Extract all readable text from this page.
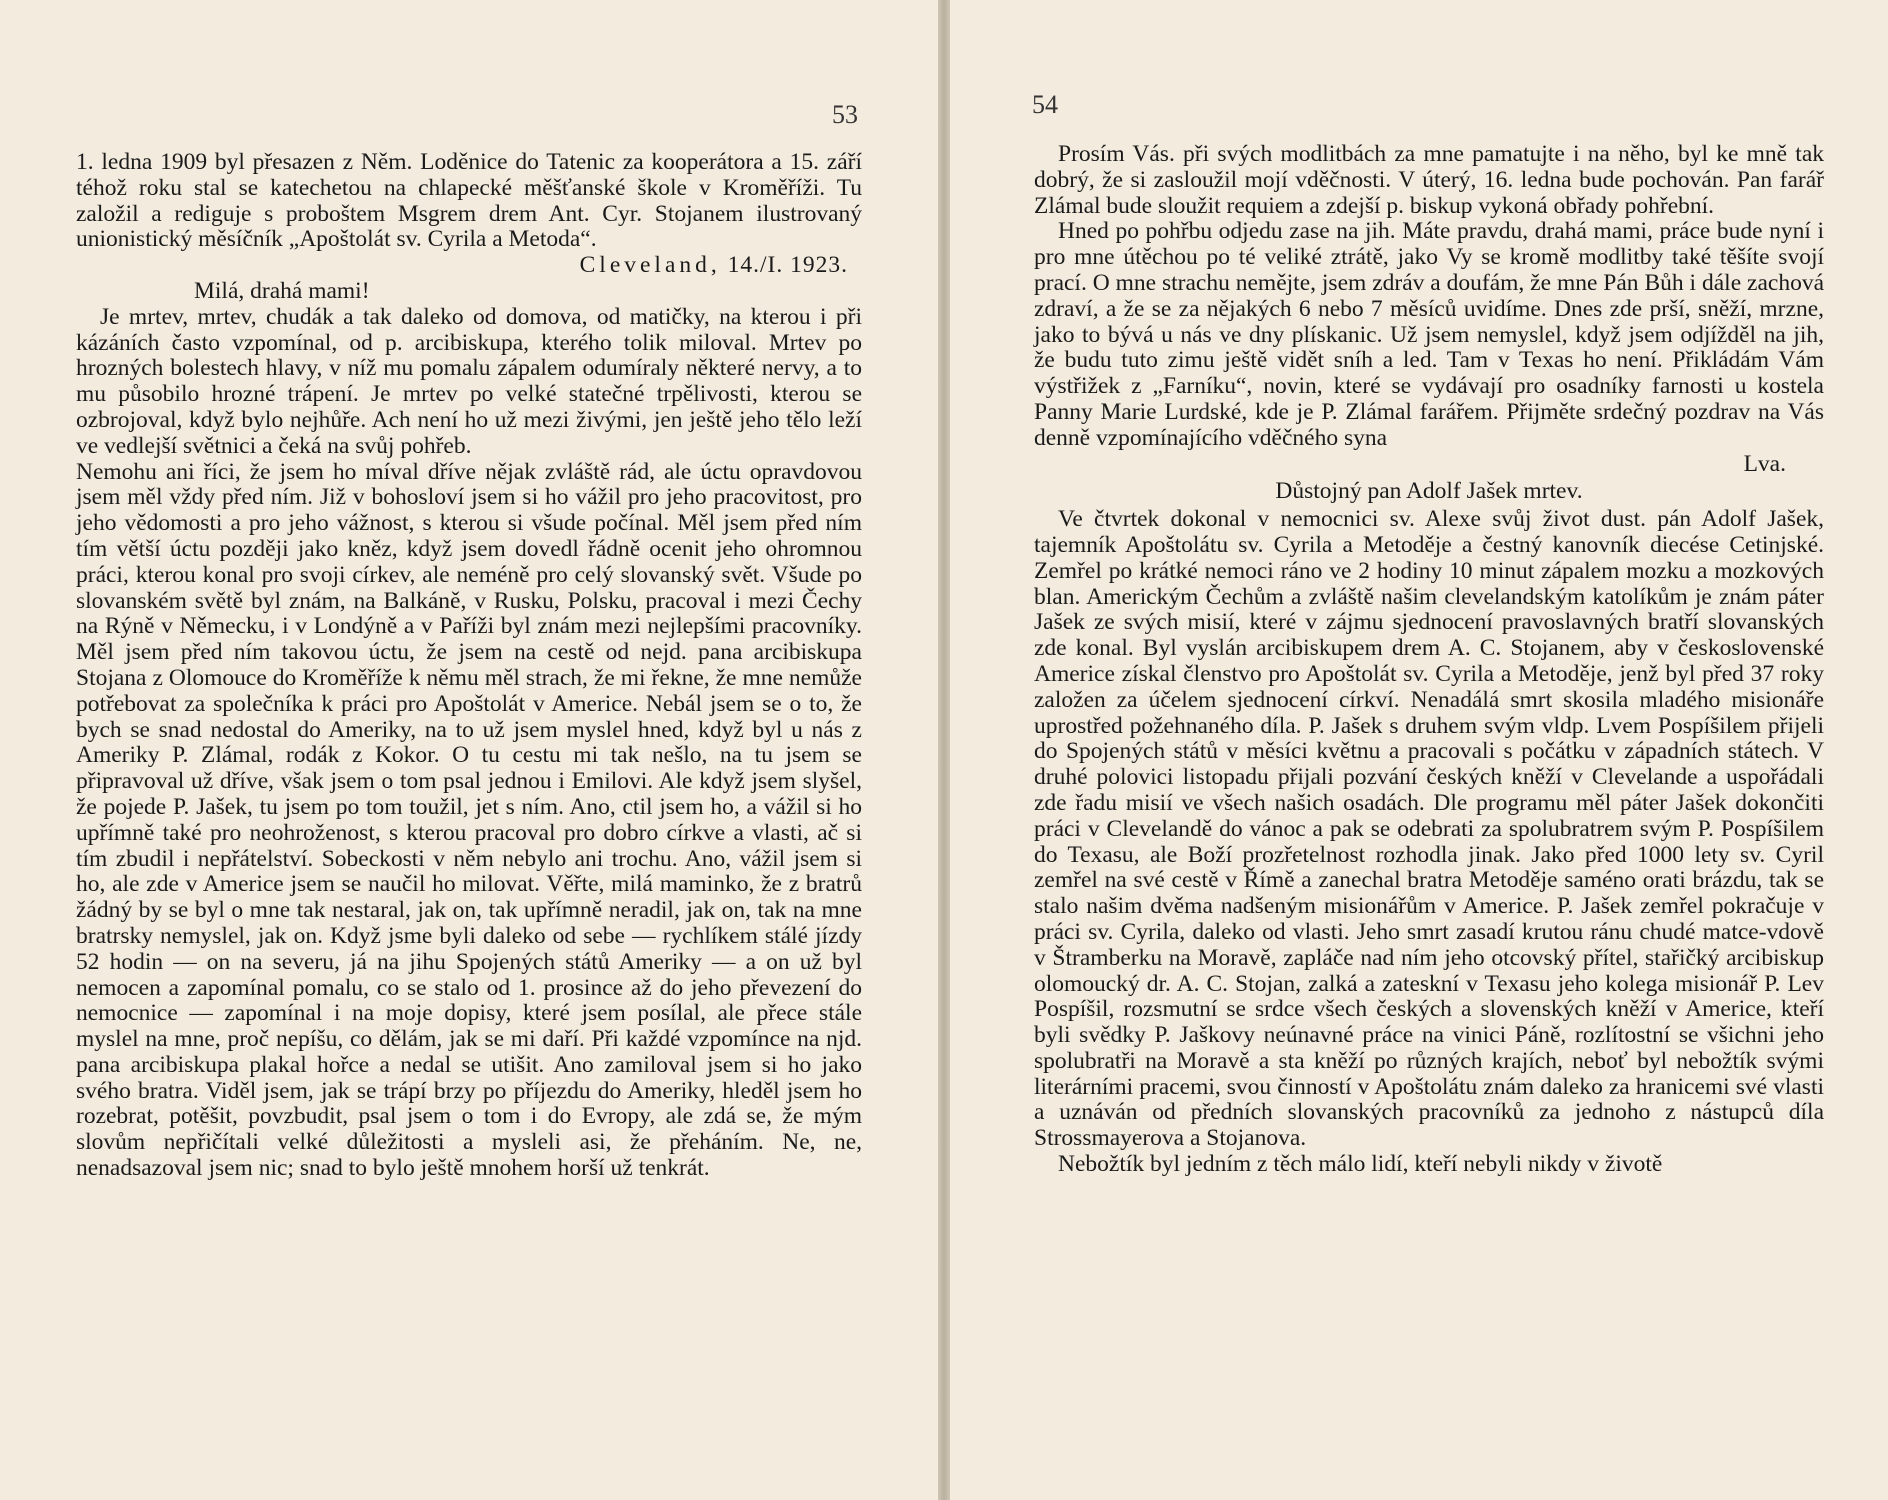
53

1. ledna 1909 byl přesazen z Něm. Loděnice do Tatenic za kooperátora a 15. září téhož roku stal se katechetou na chlapecké měšťanské škole v Kroměříži. Tu založil a rediguje s proboštem Msgrem drem Ant. Cyr. Stojanem ilustrovaný unionistický měsíčník „Apoštolát sv. Cyrila a Metoda“.

Cleveland, 14./I. 1923.

Milá, drahá mami!

Je mrtev, mrtev, chudák a tak daleko od domova, od matičky, na kterou i při kázáních často vzpomínal, od p. arcibiskupa, kterého tolik miloval. Mrtev po hrozných bolestech hlavy, v níž mu pomalu zápalem odumíraly některé nervy, a to mu působilo hrozné trápení. Je mrtev po velké statečné trpělivosti, kterou se ozbrojoval, když bylo nejhůře. Ach není ho už mezi živými, jen ještě jeho tělo leží ve vedlejší světnici a čeká na svůj pohřeb.

Nemohu ani říci, že jsem ho míval dříve nějak zvláště rád, ale úctu opravdovou jsem měl vždy před ním. Již v bohosloví jsem si ho vážil pro jeho pracovitost, pro jeho vědomosti a pro jeho vážnost, s kterou si všude počínal. Měl jsem před ním tím větší úctu později jako kněz, když jsem dovedl řádně ocenit jeho ohromnou práci, kterou konal pro svoji církev, ale neméně pro celý slovanský svět. Všude po slovanském světě byl znám, na Balkáně, v Rusku, Polsku, pracoval i mezi Čechy na Rýně v Německu, i v Londýně a v Paříži byl znám mezi nejlepšími pracovníky. Měl jsem před ním takovou úctu, že jsem na cestě od nejd. pana arcibiskupa Stojana z Olomouce do Kroměříže k němu měl strach, že mi řekne, že mne nemůže potřebovat za společníka k práci pro Apoštolát v Americe. Nebál jsem se o to, že bych se snad nedostal do Ameriky, na to už jsem myslel hned, když byl u nás z Ameriky P. Zlámal, rodák z Kokor. O tu cestu mi tak nešlo, na tu jsem se připravoval už dříve, však jsem o tom psal jednou i Emilovi. Ale když jsem slyšel, že pojede P. Jašek, tu jsem po tom toužil, jet s ním. Ano, ctil jsem ho, a vážil si ho upřímně také pro neohroženost, s kterou pracoval pro dobro církve a vlasti, ač si tím zbudil i nepřátelství. Sobeckosti v něm nebylo ani trochu. Ano, vážil jsem si ho, ale zde v Americe jsem se naučil ho milovat. Věřte, milá maminko, že z bratrů žádný by se byl o mne tak nestaral, jak on, tak upřímně neradil, jak on, tak na mne bratrsky nemyslel, jak on. Když jsme byli daleko od sebe — rychlíkem stálé jízdy 52 hodin — on na severu, já na jihu Spojených států Ameriky — a on už byl nemocen a zapomínal pomalu, co se stalo od 1. prosince až do jeho převezení do nemocnice — zapomínal i na moje dopisy, které jsem posílal, ale přece stále myslel na mne, proč nepíšu, co dělám, jak se mi daří. Při každé vzpomínce na njd. pana arcibiskupa plakal hořce a nedal se utišit. Ano zamiloval jsem si ho jako svého bratra. Viděl jsem, jak se trápí brzy po příjezdu do Ameriky, hleděl jsem ho rozebrat, potěšit, povzbudit, psal jsem o tom i do Evropy, ale zdá se, že mým slovům nepřičítali velké důležitosti a mysleli asi, že přeháním. Ne, ne, nenadsazoval jsem nic; snad to bylo ještě mnohem horší už tenkrát.

54

Prosím Vás. při svých modlitbách za mne pamatujte i na něho, byl ke mně tak dobrý, že si zasloužil mojí vděčnosti. V úterý, 16. ledna bude pochován. Pan farář Zlámal bude sloužit requiem a zdejší p. biskup vykoná obřady pohřební.

Hned po pohřbu odjedu zase na jih. Máte pravdu, drahá mami, práce bude nyní i pro mne útěchou po té veliké ztrátě, jako Vy se kromě modlitby také těšíte svojí prací. O mne strachu nemějte, jsem zdráv a doufám, že mne Pán Bůh i dále zachová zdraví, a že se za nějakých 6 nebo 7 měsíců uvidíme. Dnes zde prší, sněží, mrzne, jako to bývá u nás ve dny plískanic. Už jsem nemyslel, když jsem odjížděl na jih, že budu tuto zimu ještě vidět sníh a led. Tam v Texas ho není. Přikládám Vám výstřižek z „Farníku“, novin, které se vydávají pro osadníky farnosti u kostela Panny Marie Lurdské, kde je P. Zlámal farářem. Přijměte srdečný pozdrav na Vás denně vzpomínajícího vděčného syna

Lva.

Důstojný pan Adolf Jašek mrtev.

Ve čtvrtek dokonal v nemocnici sv. Alexe svůj život dust. pán Adolf Jašek, tajemník Apoštolátu sv. Cyrila a Metoděje a čestný kanovník diecése Cetinjské. Zemřel po krátké nemoci ráno ve 2 hodiny 10 minut zápalem mozku a mozkových blan. Americkým Čechům a zvláště našim clevelandským katolíkům je znám páter Jašek ze svých misií, které v zájmu sjednocení pravoslavných bratří slovanských zde konal. Byl vyslán arcibiskupem drem A. C. Stojanem, aby v československé Americe získal členstvo pro Apoštolát sv. Cyrila a Metoděje, jenž byl před 37 roky založen za účelem sjednocení církví. Nenadálá smrt skosila mladého misionáře uprostřed požehnaného díla. P. Jašek s druhem svým vldp. Lvem Pospíšilem přijeli do Spojených států v měsíci květnu a pracovali s počátku v západních státech. V druhé polovici listopadu přijali pozvání českých kněží v Clevelande a uspořádali zde řadu misií ve všech našich osadách. Dle programu měl páter Jašek dokončiti práci v Clevelandě do vánoc a pak se odebrati za spolubratrem svým P. Pospíšilem do Texasu, ale Boží prozřetelnost rozhodla jinak. Jako před 1000 lety sv. Cyril zemřel na své cestě v Římě a zanechal bratra Metoděje saméno orati brázdu, tak se stalo našim dvěma nadšeným misionářům v Americe. P. Jašek zemřel pokračuje v práci sv. Cyrila, daleko od vlasti. Jeho smrt zasadí krutou ránu chudé matce-vdově v Štramberku na Moravě, zapláče nad ním jeho otcovský přítel, stařičký arcibiskup olomoucký dr. A. C. Stojan, zalká a zateskní v Texasu jeho kolega misionář P. Lev Pospíšil, rozsmutní se srdce všech českých a slovenských kněží v Americe, kteří byli svědky P. Jaškovy neúnavné práce na vinici Páně, rozlítostní se všichni jeho spolubratři na Moravě a sta kněží po různých krajích, neboť byl nebožtík svými literárními pracemi, svou činností v Apoštolátu znám daleko za hranicemi své vlasti a uznáván od předních slovanských pracovníků za jednoho z nástupců díla Strossmayerova a Stojanova.

Nebožtík byl jedním z těch málo lidí, kteří nebyli nikdy v životě
